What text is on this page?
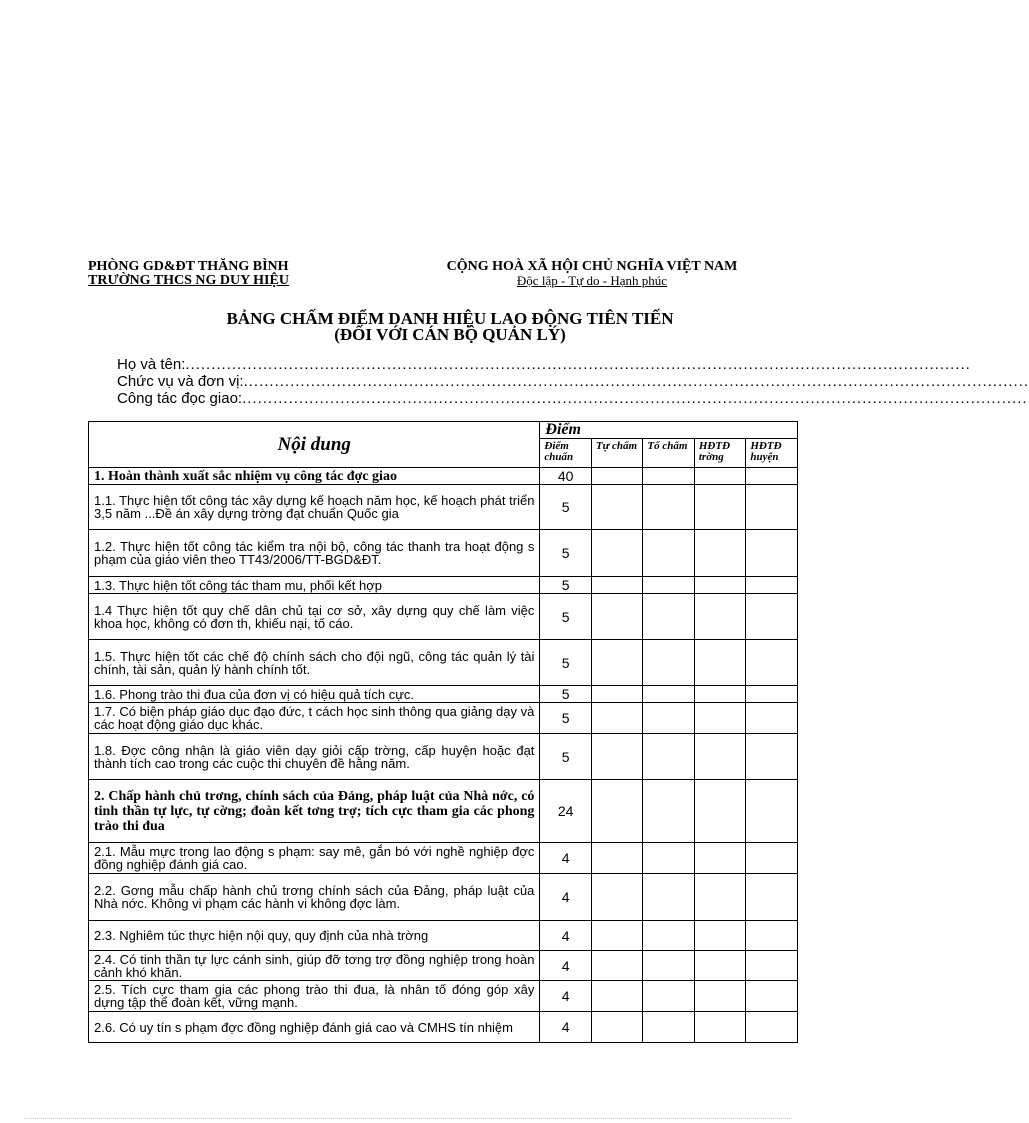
PHÒNG GD&ĐT THĂNG BÌNH
TRƯỜNG THCS NG DUY HIỆU
CỘNG HOÀ XÃ HỘI CHỦ NGHĨA VIỆT NAM
Độc lập - Tự do - Hạnh phúc
BẢNG CHẤM ĐIỂM DANH HIỆU LAO ĐỘNG TIÊN TIẾN
(ĐỐI VỚI CÁN BỘ QUẢN LÝ)
Họ và tên: ........................................................................................................................................................
Chức vụ và đơn vị: ........................................................................................................................................................
Công tác đọc giao: ........................................................................................................................................................
Nội dung	Điểm				
	Điểm chuẩn	Tự chấm	Tổ chấm	HĐTĐ trờng	HĐTĐ huyện
1. Hoàn thành xuất sắc nhiệm vụ công tác đợc giao	40				
1.1. Thực hiện tốt công tác xây dựng kế hoạch năm học, kế hoạch phát triển 3,5 năm ...Đề án xây dựng trờng đạt chuẩn Quốc gia	5				
1.2. Thực hiện tốt công tác kiểm tra nội bộ, công tác thanh tra hoạt động s phạm của giáo viên theo TT43/2006/TT-BGD&ĐT.	5				
1.3. Thực hiện tốt công tác tham mu, phối kết hợp	5				
1.4 Thực hiện tốt quy chế dân chủ tại cơ sở, xây dựng quy chế làm việc khoa học, không có đơn th, khiếu nại, tố cáo.	5				
1.5. Thực hiện tốt các chế độ chính sách cho đội ngũ, công tác quản lý tài chính, tài sản, quản lý hành chính tốt.	5				
1.6. Phong trào thi đua của đơn vị có hiệu quả tích cực.	5				
1.7. Có biện pháp giáo dục đạo đức, t cách học sinh thông qua giảng dạy và các hoạt động giáo dục khác.	5				
1.8. Đợc công nhận là giáo viên dạy giỏi cấp trờng, cấp huyện hoặc đạt thành tích cao trong các cuộc thi chuyên đề hằng năm.	5				
2. Chấp hành chủ trơng, chính sách của Đảng, pháp luật của Nhà nớc, có tinh thần tự lực, tự cờng; đoàn kết tơng trợ; tích cực tham gia các phong trào thi đua	24				
2.1. Mẫu mực trong lao động s phạm: say mê, gắn bó với nghề nghiệp đợc đồng nghiệp đánh giá cao.	4				
2.2. Gơng mẫu chấp hành chủ trơng chính sách của Đảng, pháp luật của Nhà nớc. Không vi phạm các hành vi không đợc làm.	4				
2.3. Nghiêm túc thực hiện nội quy, quy định của nhà trờng	4				
2.4. Có tinh thần tự lực cánh sinh, giúp đỡ tơng trợ đồng nghiệp trong hoàn cảnh khó khăn.	4				
2.5. Tích cực tham gia các phong trào thi đua, là nhân tố đóng góp xây dựng tập thể đoàn kết, vững mạnh.	4				
2.6. Có uy tín s phạm đợc đồng nghiệp đánh giá cao và CMHS tín nhiệm	4				
